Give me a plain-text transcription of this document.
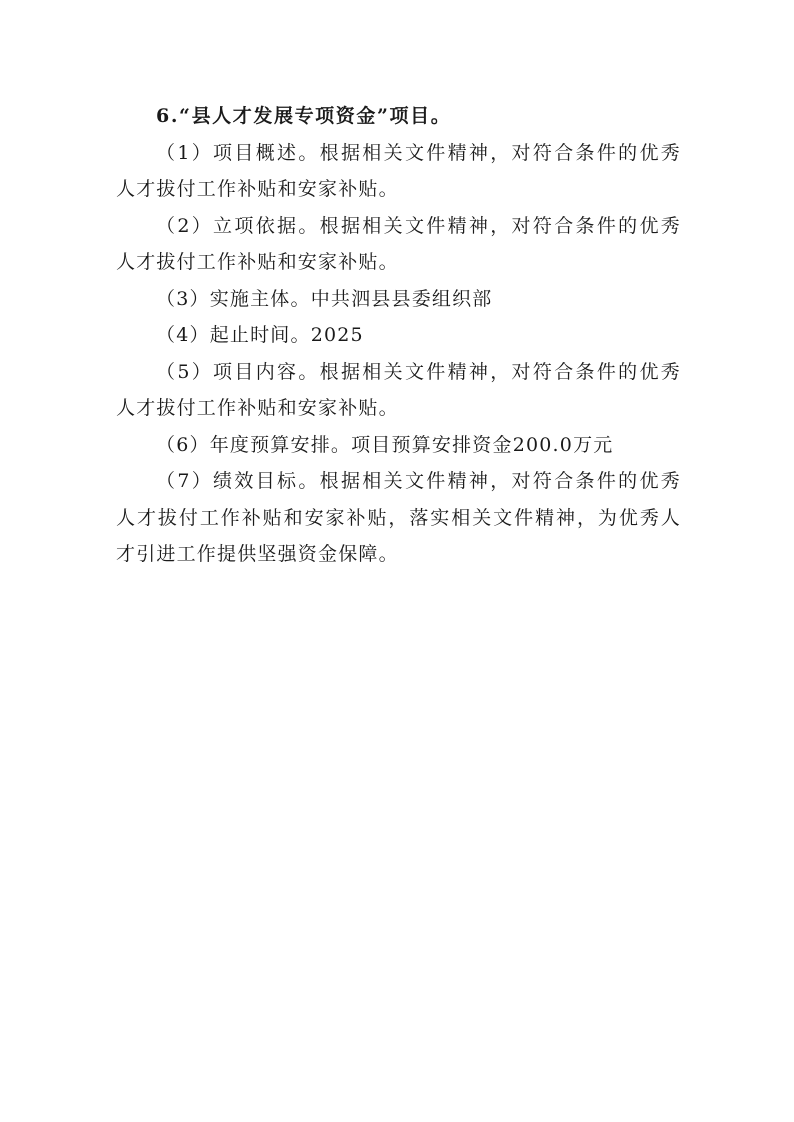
6.“县人才发展专项资金”项目。
（1）项目概述。根据相关文件精神，对符合条件的优秀
人才拔付工作补贴和安家补贴。
（2）立项依据。根据相关文件精神，对符合条件的优秀
人才拔付工作补贴和安家补贴。
（3）实施主体。中共泗县县委组织部
（4）起止时间。2025
（5）项目内容。根据相关文件精神，对符合条件的优秀
人才拔付工作补贴和安家补贴。
（6）年度预算安排。项目预算安排资金200.0万元
（7）绩效目标。根据相关文件精神，对符合条件的优秀
人才拔付工作补贴和安家补贴，落实相关文件精神，为优秀人
才引进工作提供坚强资金保障。
